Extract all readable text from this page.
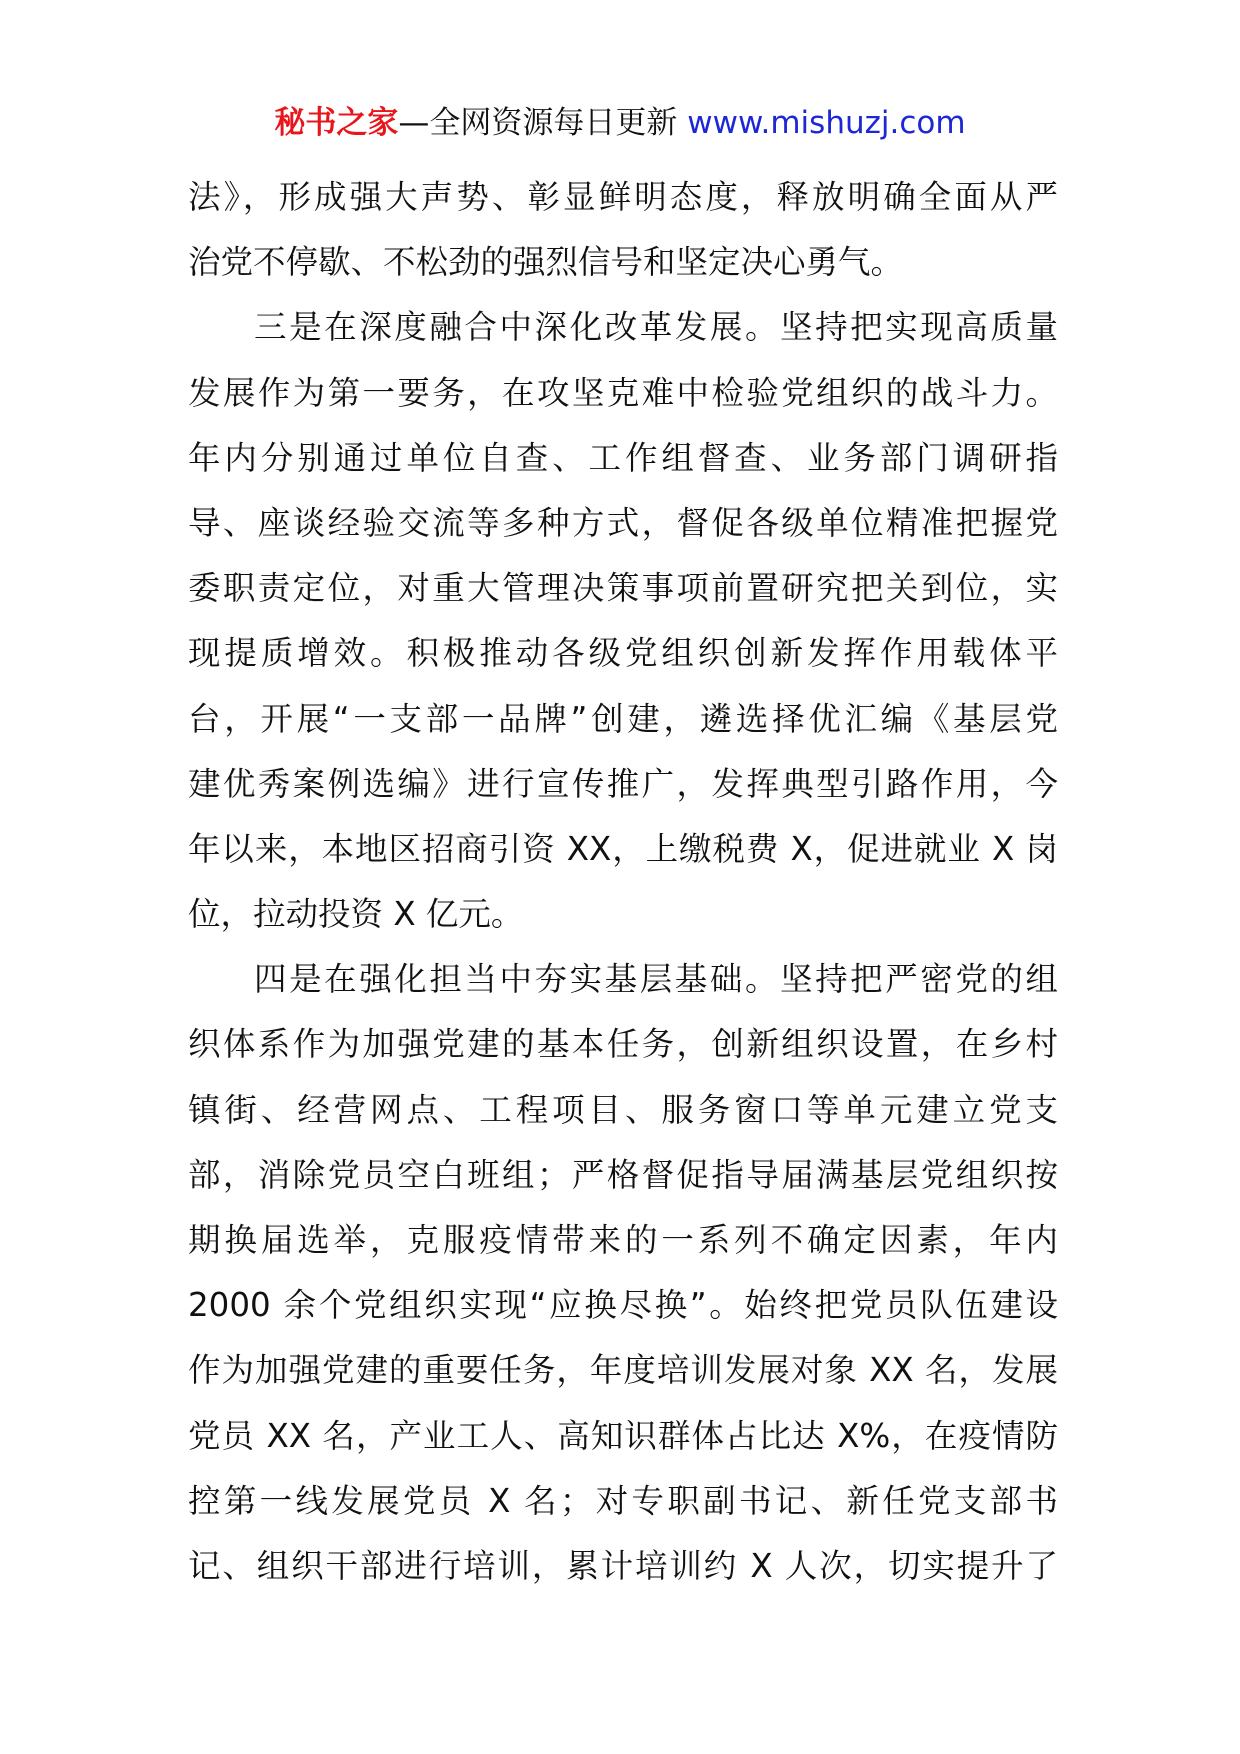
秘书之家—全网资源每日更新 www.mishuzj.com
法》，形成强大声势、彰显鲜明态度，释放明确全面从严
治党不停歇、不松劲的强烈信号和坚定决心勇气。
三是在深度融合中深化改革发展。坚持把实现高质量
发展作为第一要务，在攻坚克难中检验党组织的战斗力。
年内分别通过单位自查、工作组督查、业务部门调研指
导、座谈经验交流等多种方式，督促各级单位精准把握党
委职责定位，对重大管理决策事项前置研究把关到位，实
现提质增效。积极推动各级党组织创新发挥作用载体平
台，开展“一支部一品牌”创建，遴选择优汇编《基层党
建优秀案例选编》进行宣传推广，发挥典型引路作用，今
年以来，本地区招商引资 XX，上缴税费 X，促进就业 X 岗
位，拉动投资 X 亿元。
四是在强化担当中夯实基层基础。坚持把严密党的组
织体系作为加强党建的基本任务，创新组织设置，在乡村
镇街、经营网点、工程项目、服务窗口等单元建立党支
部，消除党员空白班组；严格督促指导届满基层党组织按
期换届选举，克服疫情带来的一系列不确定因素，年内
2000 余个党组织实现“应换尽换”。始终把党员队伍建设
作为加强党建的重要任务，年度培训发展对象 XX 名，发展
党员 XX 名，产业工人、高知识群体占比达 X%，在疫情防
控第一线发展党员 X 名；对专职副书记、新任党支部书
记、组织干部进行培训，累计培训约 X 人次，切实提升了
